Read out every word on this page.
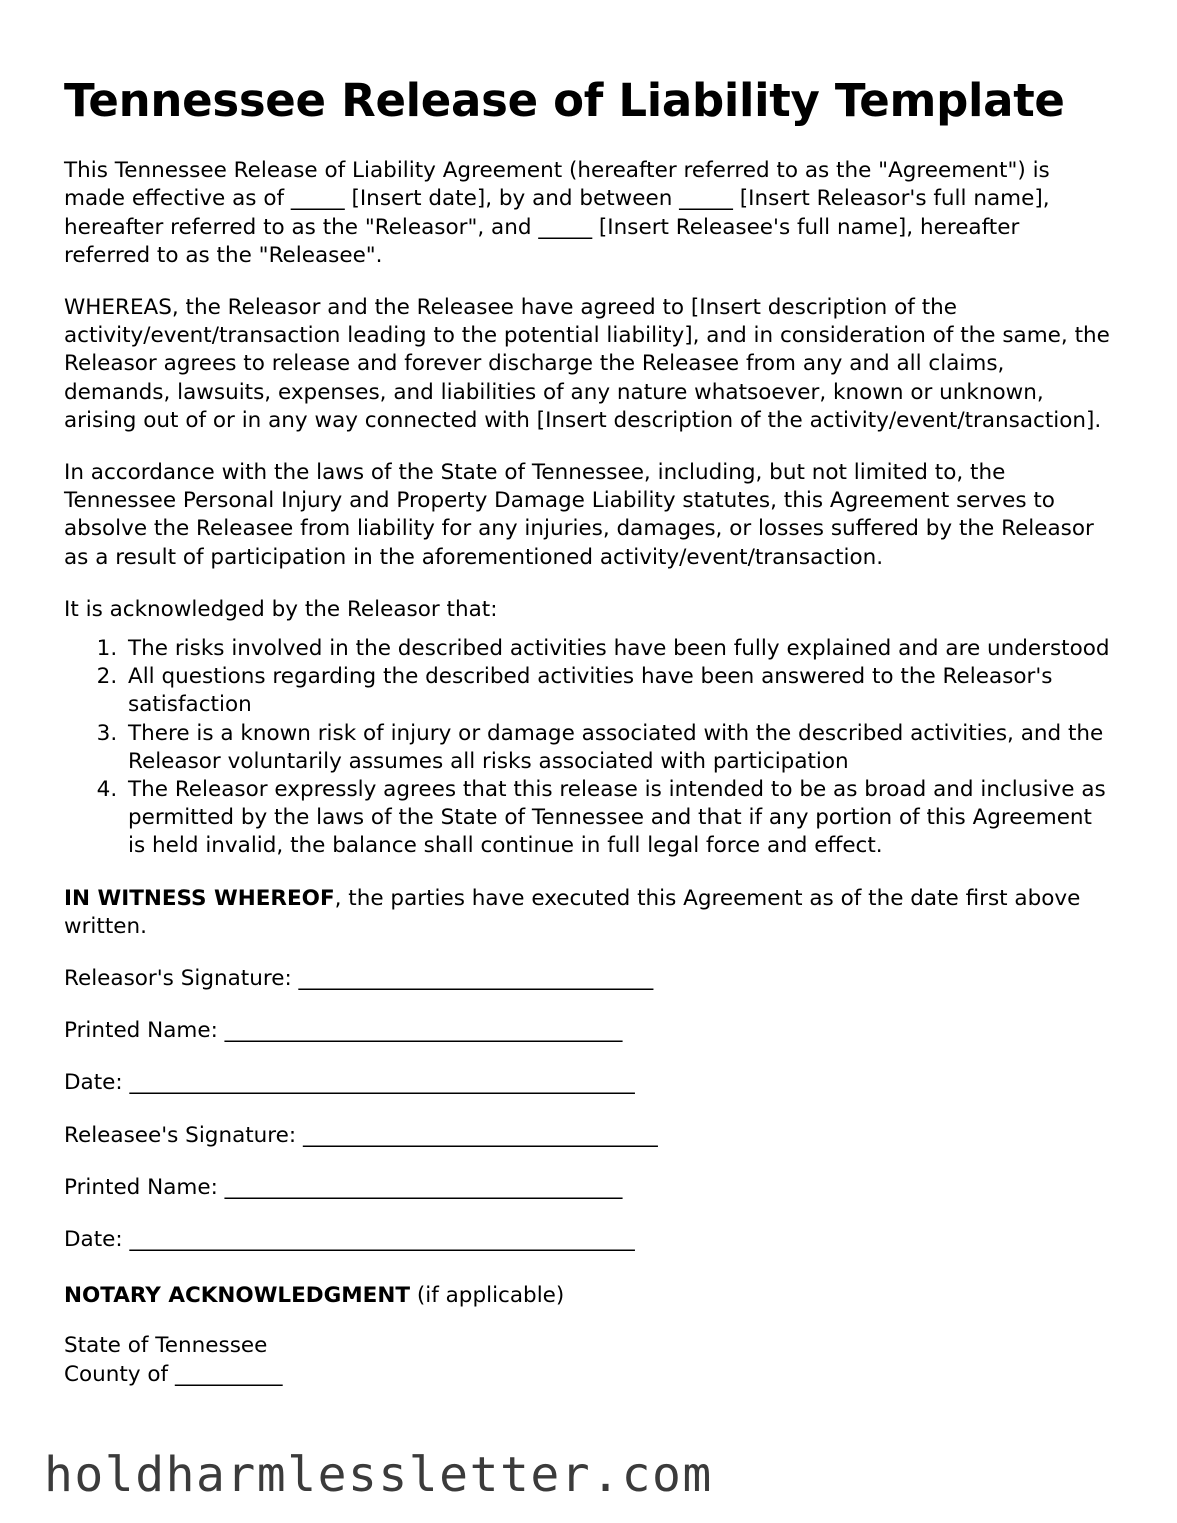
Tennessee Release of Liability Template

This Tennessee Release of Liability Agreement (hereafter referred to as the "Agreement") is made effective as of _____ [Insert date], by and between _____ [Insert Releasor's full name], hereafter referred to as the "Releasor", and _____ [Insert Releasee's full name], hereafter referred to as the "Releasee".

WHEREAS, the Releasor and the Releasee have agreed to [Insert description of the activity/event/transaction leading to the potential liability], and in consideration of the same, the Releasor agrees to release and forever discharge the Releasee from any and all claims, demands, lawsuits, expenses, and liabilities of any nature whatsoever, known or unknown, arising out of or in any way connected with [Insert description of the activity/event/transaction].

In accordance with the laws of the State of Tennessee, including, but not limited to, the Tennessee Personal Injury and Property Damage Liability statutes, this Agreement serves to absolve the Releasee from liability for any injuries, damages, or losses suffered by the Releasor as a result of participation in the aforementioned activity/event/transaction.

It is acknowledged by the Releasor that:

1. The risks involved in the described activities have been fully explained and are understood
2. All questions regarding the described activities have been answered to the Releasor's satisfaction
3. There is a known risk of injury or damage associated with the described activities, and the Releasor voluntarily assumes all risks associated with participation
4. The Releasor expressly agrees that this release is intended to be as broad and inclusive as permitted by the laws of the State of Tennessee and that if any portion of this Agreement is held invalid, the balance shall continue in full legal force and effect.

IN WITNESS WHEREOF, the parties have executed this Agreement as of the date first above written.

Releasor's Signature: _________________________________

Printed Name: _____________________________________

Date: _______________________________________________

Releasee's Signature: _________________________________

Printed Name: _____________________________________

Date: _______________________________________________

NOTARY ACKNOWLEDGMENT (if applicable)

State of Tennessee
County of __________

holdharmlessletter.com
